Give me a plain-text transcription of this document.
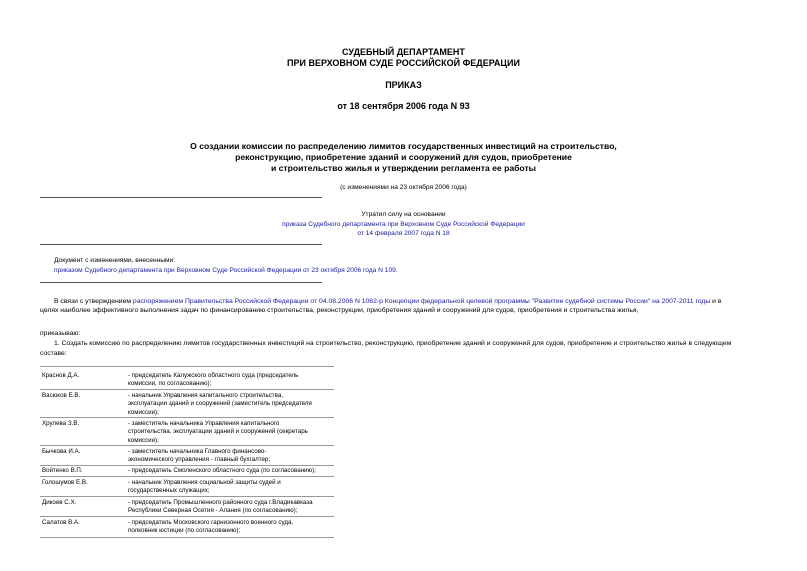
СУДЕБНЫЙ ДЕПАРТАМЕНТ
ПРИ ВЕРХОВНОМ СУДЕ РОССИЙСКОЙ ФЕДЕРАЦИИ
ПРИКАЗ
от 18 сентября 2006 года N 93
О создании комиссии по распределению лимитов государственных инвестиций на строительство,
реконструкцию, приобретение зданий и сооружений для судов, приобретение
и строительство жилья и утверждении регламента ее работы
(с изменениями на 23 октября 2006 года)
Утратил силу на основании
приказа Судебного департамента при Верховном Суде Российской Федерации
от 14 февраля 2007 года N 18
Документ с изменениями, внесенными:
приказом Судебного департамента при Верховном Суде Российской Федерации от 23 октября 2006 года N 109.
В связи с утверждением распоряжением Правительства Российской Федерации от 04.08.2006 N 1082-р Концепции федеральной целевой программы "Развитие судебной системы России" на 2007-2011 годы и в
целях наиболее эффективного выполнения задач по финансированию строительства, реконструкции, приобретения зданий и сооружений для судов, приобретения и строительства жилья,
приказываю:
1. Создать комиссию по распределению лимитов государственных инвестиций на строительство, реконструкцию, приобретение зданий и сооружений для судов, приобретение и строительство жилья в следующем
составе:
Краснов Д.А.	- председатель Калужского областного суда (председатель
комиссии, по согласованию);
Васюков Е.В.	- начальник Управления капитального строительства,
эксплуатации зданий и сооружений (заместитель председателя
комиссии);
Хрулева З.В.	- заместитель начальника Управления капитального
строительства, эксплуатации зданий и сооружений (секретарь
комиссии);
Бычкова И.А.	- заместитель начальника Главного финансово-
экономического управления - главный бухгалтер;
Войтенко В.П.	- председатель Смоленского областного суда (по согласованию);
Голошумов Е.В.	- начальник Управления социальной защиты судей и
государственных служащих;
Дикоев С.Х.	- председатель Промышленного районного суда г.Владикавказа
Республики Северная Осетия - Алания (по согласованию);
Салатов В.А.	- председатель Московского гарнизонного военного суда,
полковник юстиции (по согласованию);
